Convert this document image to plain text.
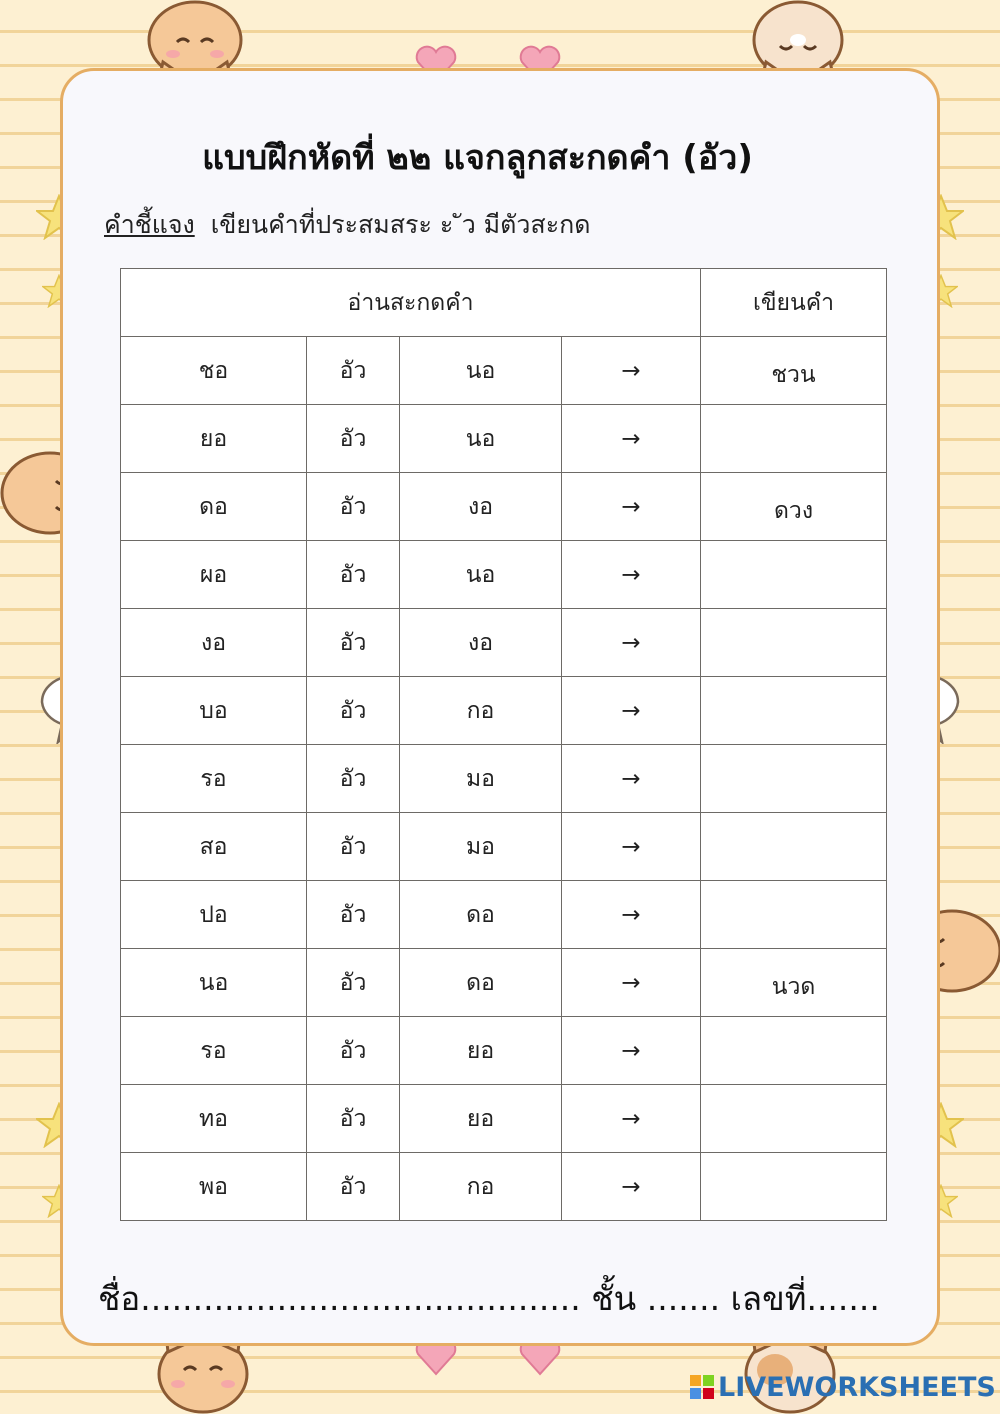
แบบฝึกหัดที่ ๒๒ แจกลูกสะกดคำ (อัว)
คำชี้แจง เขียนคำที่ประสมสระ ะ ัว มีตัวสะกด
อ่านสะกดคำ				เขียนคำ
ชอ	อัว	นอ	→	ชวน
ยอ	อัว	นอ	→	
ดอ	อัว	งอ	→	ดวง
ผอ	อัว	นอ	→	
งอ	อัว	งอ	→	
บอ	อัว	กอ	→	
รอ	อัว	มอ	→	
สอ	อัว	มอ	→	
ปอ	อัว	ดอ	→	
นอ	อัว	ดอ	→	นวด
รอ	อัว	ยอ	→	
ทอ	อัว	ยอ	→	
พอ	อัว	กอ	→	
ชื่อ.......................................... ชั้น ....... เลขที่.......
LIVEWORKSHEETS
